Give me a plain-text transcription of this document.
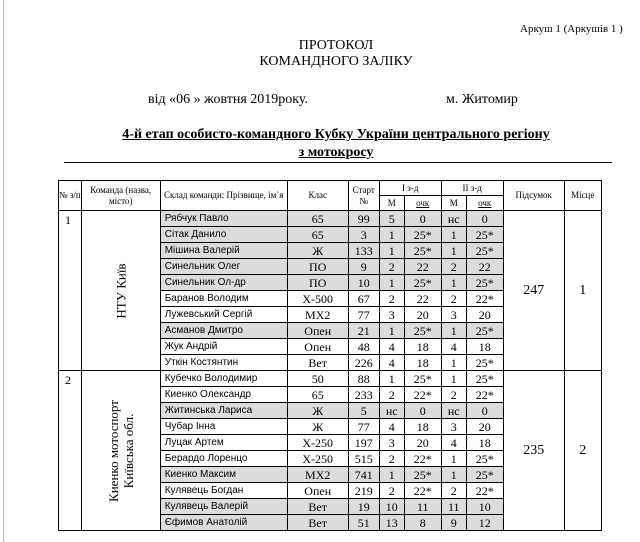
Аркуш 1 (Аркушів 1 )
ПРОТОКОЛ
КОМАНДНОГО ЗАЛІКУ
від «06 » жовтня 2019року.	м. Житомир
4-й етап особисто-командного Кубку України центрального регіону
з мотокросу
№ з/п	Команда (назва, місто)	Склад команди: Прізвище, ім`я	Клас	Старт №	І з-д		ІІ з-д		Підсумок	Місце
					М	очк	М	очк		
1	НТУ Київ	Рябчук Павло	65	99	5	0	нс	0	247	1
		Сітак Данило	65	3	1	25*	1	25*		
		Мішина Валерій	Ж	133	1	25*	1	25*		
		Синельник Олег	ПО	9	2	22	2	22		
		Синельник Ол-др	ПО	10	1	25*	1	25*		
		Баранов Володим	Х-500	67	2	22	2	22*		
		Лужевський Сергій	МХ2	77	3	20	3	20		
		Асманов Дмитро	Опен	21	1	25*	1	25*		
		Жук Андрій	Опен	48	4	18	4	18		
		Уткін Костянтин	Вет	226	4	18	1	25*		
2	Киенко мотоспорт Київська обл.	Кубечко Володимир	50	88	1	25*	1	25*	235	2
		Киенко Олександр	65	233	2	22*	2	22*		
		Житинська Лариса	Ж	5	нс	0	нс	0		
		Чубар Інна	Ж	77	4	18	3	20		
		Луцак Артем	Х-250	197	3	20	4	18		
		Берардо Лоренцо	Х-250	515	2	22*	1	25*		
		Киенко Максим	МХ2	741	1	25*	1	25*		
		Кулявець Богдан	Опен	219	2	22*	2	22*		
		Кулявець Валерій	Вет	19	10	11	11	10		
		Єфимов Анатолій	Вет	51	13	8	9	12		
